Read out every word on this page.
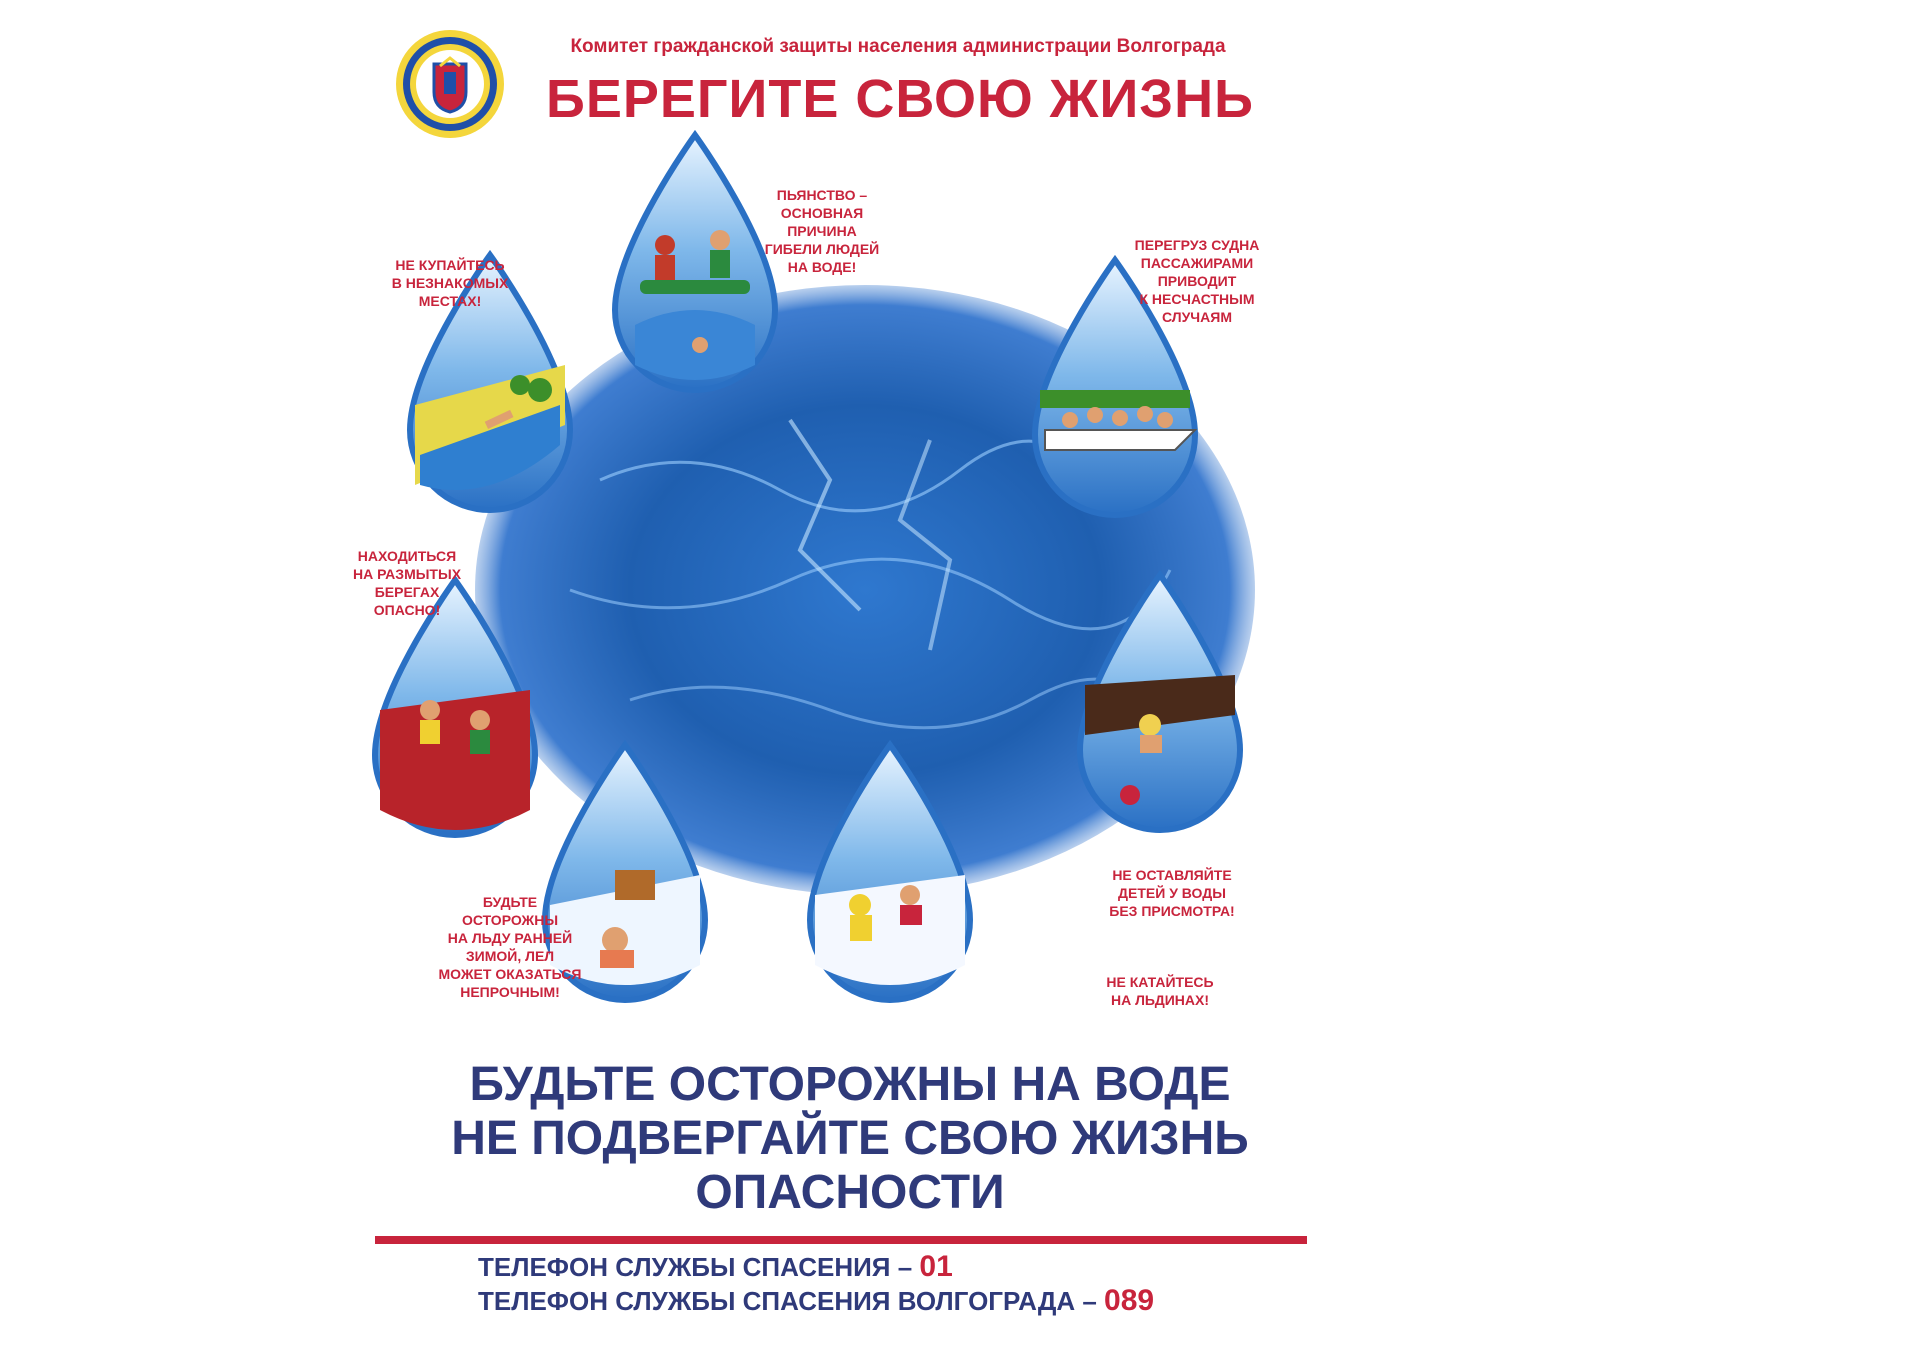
Комитет гражданской защиты населения администрации Волгограда
БЕРЕГИТЕ СВОЮ ЖИЗНЬ
ПЬЯНСТВО –
ОСНОВНАЯ
ПРИЧИНА
ГИБЕЛИ ЛЮДЕЙ
НА ВОДЕ!
НЕ КУПАЙТЕСЬ
В НЕЗНАКОМЫХ
МЕСТАХ!
ПЕРЕГРУЗ СУДНА
ПАССАЖИРАМИ
ПРИВОДИТ
К НЕСЧАСТНЫМ
СЛУЧАЯМ
НАХОДИТЬСЯ
НА РАЗМЫТЫХ
БЕРЕГАХ
ОПАСНО!
НЕ ОСТАВЛЯЙТЕ
ДЕТЕЙ У ВОДЫ
БЕЗ ПРИСМОТРА!
БУДЬТЕ
ОСТОРОЖНЫ
НА ЛЬДУ РАННЕЙ
ЗИМОЙ, ЛЕЛ
МОЖЕТ ОКАЗАТЬСЯ
НЕПРОЧНЫМ!
НЕ КАТАЙТЕСЬ
НА ЛЬДИНАХ!
БУДЬТЕ ОСТОРОЖНЫ НА ВОДЕ
НЕ ПОДВЕРГАЙТЕ СВОЮ ЖИЗНЬ
ОПАСНОСТИ
ТЕЛЕФОН СЛУЖБЫ СПАСЕНИЯ – 01
ТЕЛЕФОН СЛУЖБЫ СПАСЕНИЯ ВОЛГОГРАДА – 089
